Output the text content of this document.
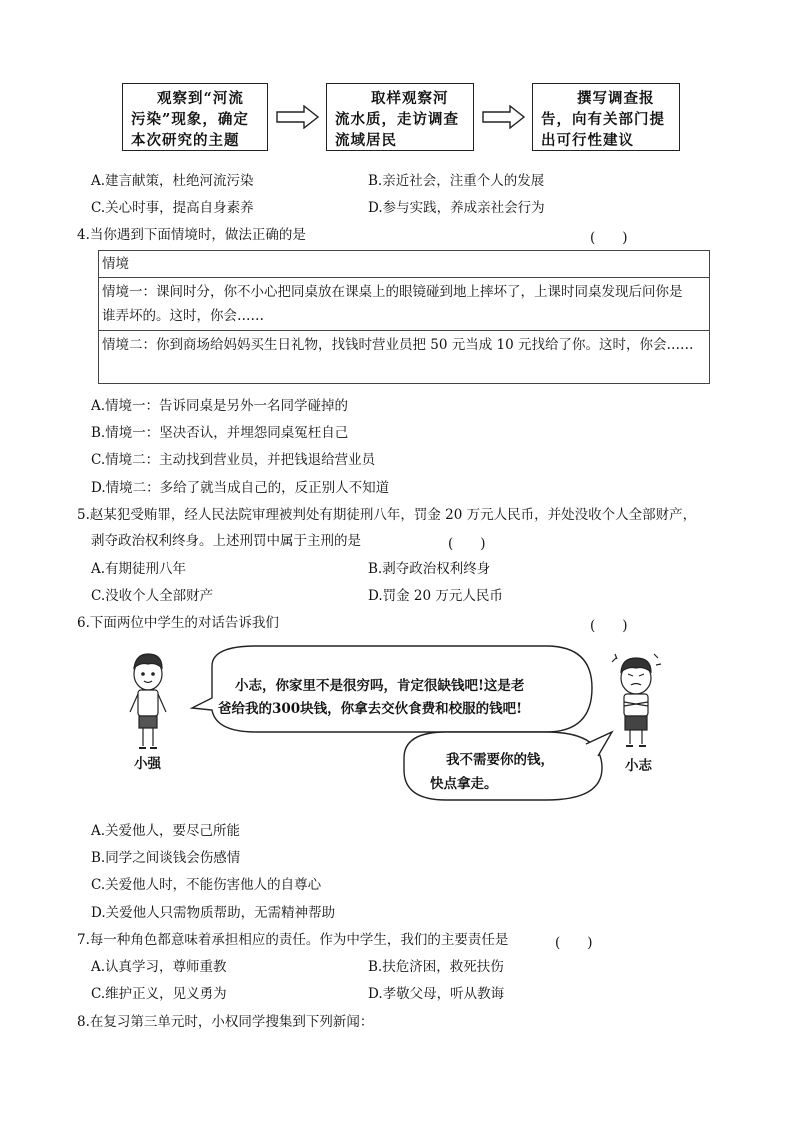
观察到“河流
污染”现象，确定
本次研究的主题
取样观察河
流水质，走访调查
流域居民
撰写调查报
告，向有关部门提
出可行性建议
A.建言献策，杜绝河流污染	B.亲近社会，注重个人的发展
C.关心时事，提高自身素养	D.参与实践，养成亲社会行为
4.当你遇到下面情境时，做法正确的是	(　　)
情境

情境一：课间时分，你不小心把同桌放在课桌上的眼镜碰到地上摔坏了，上课时同桌发现后问你是
谁弄坏的。这时，你会……

情境二：你到商场给妈妈买生日礼物，找钱时营业员把 50 元当成 10 元找给了你。这时，你会……
A.情境一：告诉同桌是另外一名同学碰掉的
B.情境一：坚决否认，并埋怨同桌冤枉自己
C.情境二：主动找到营业员，并把钱退给营业员
D.情境二：多给了就当成自己的，反正别人不知道
5.赵某犯受贿罪，经人民法院审理被判处有期徒刑八年，罚金 20 万元人民币，并处没收个人全部财产，
剥夺政治权利终身。上述刑罚中属于主刑的是	(　　)
A.有期徒刑八年	B.剥夺政治权利终身
C.没收个人全部财产	D.罚金 20 万元人民币
6.下面两位中学生的对话告诉我们	(　　)
小志，你家里不是很穷吗，肯定很缺钱吧!这是老
爸给我的300块钱，你拿去交伙食费和校服的钱吧!
我不需要你的钱，
快点拿走。
小强	小志
A.关爱他人，要尽己所能
B.同学之间谈钱会伤感情
C.关爱他人时，不能伤害他人的自尊心
D.关爱他人只需物质帮助，无需精神帮助
7.每一种角色都意味着承担相应的责任。作为中学生，我们的主要责任是	(　　)
A.认真学习，尊师重教	B.扶危济困，救死扶伤
C.维护正义，见义勇为	D.孝敬父母，听从教诲
8.在复习第三单元时，小权同学搜集到下列新闻：
